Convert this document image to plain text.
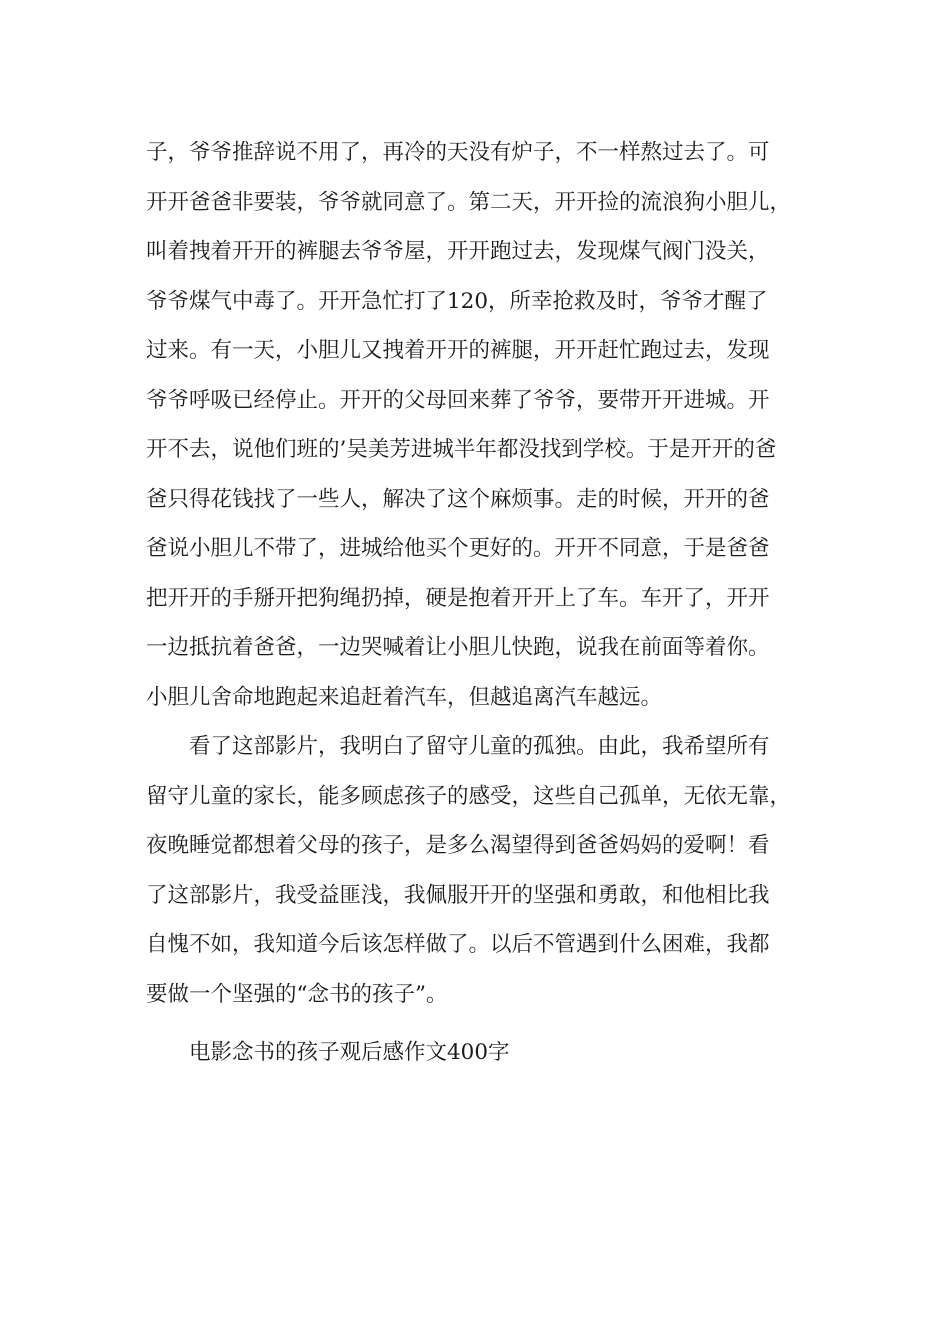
子，爷爷推辞说不用了，再冷的天没有炉子，不一样熬过去了。可
开开爸爸非要装，爷爷就同意了。第二天，开开捡的流浪狗小胆儿，
叫着拽着开开的裤腿去爷爷屋，开开跑过去，发现煤气阀门没关，
爷爷煤气中毒了。开开急忙打了120，所幸抢救及时，爷爷才醒了
过来。有一天，小胆儿又拽着开开的裤腿，开开赶忙跑过去，发现
爷爷呼吸已经停止。开开的父母回来葬了爷爷，要带开开进城。开
开不去，说他们班的’吴美芳进城半年都没找到学校。于是开开的爸
爸只得花钱找了一些人，解决了这个麻烦事。走的时候，开开的爸
爸说小胆儿不带了，进城给他买个更好的。开开不同意，于是爸爸
把开开的手掰开把狗绳扔掉，硬是抱着开开上了车。车开了，开开
一边抵抗着爸爸，一边哭喊着让小胆儿快跑，说我在前面等着你。
小胆儿舍命地跑起来追赶着汽车，但越追离汽车越远。
看了这部影片，我明白了留守儿童的孤独。由此，我希望所有
留守儿童的家长，能多顾虑孩子的感受，这些自己孤单，无依无靠，
夜晚睡觉都想着父母的孩子，是多么渴望得到爸爸妈妈的爱啊！看
了这部影片，我受益匪浅，我佩服开开的坚强和勇敢，和他相比我
自愧不如，我知道今后该怎样做了。以后不管遇到什么困难，我都
要做一个坚强的“念书的孩子”。
电影念书的孩子观后感作文400字
